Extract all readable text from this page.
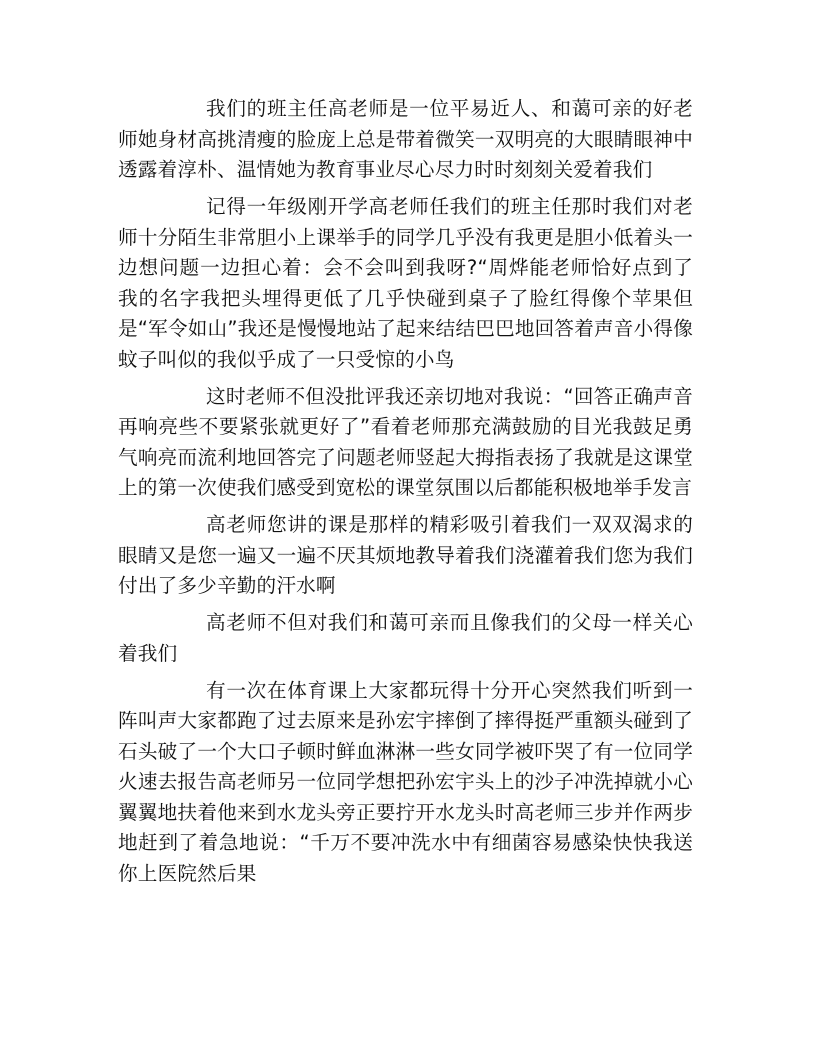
我们的班主任高老师是一位平易近人、和蔼可亲的好老师她身材高挑清瘦的脸庞上总是带着微笑一双明亮的大眼睛眼神中透露着淳朴、温情她为教育事业尽心尽力时时刻刻关爱着我们

记得一年级刚开学高老师任我们的班主任那时我们对老师十分陌生非常胆小上课举手的同学几乎没有我更是胆小低着头一边想问题一边担心着：会不会叫到我呀?“周烨能老师恰好点到了我的名字我把头埋得更低了几乎快碰到桌子了脸红得像个苹果但是“军令如山”我还是慢慢地站了起来结结巴巴地回答着声音小得像蚊子叫似的我似乎成了一只受惊的小鸟

这时老师不但没批评我还亲切地对我说：“回答正确声音再响亮些不要紧张就更好了”看着老师那充满鼓励的目光我鼓足勇气响亮而流利地回答完了问题老师竖起大拇指表扬了我就是这课堂上的第一次使我们感受到宽松的课堂氛围以后都能积极地举手发言

高老师您讲的课是那样的精彩吸引着我们一双双渴求的眼睛又是您一遍又一遍不厌其烦地教导着我们浇灌着我们您为我们付出了多少辛勤的汗水啊

高老师不但对我们和蔼可亲而且像我们的父母一样关心着我们

有一次在体育课上大家都玩得十分开心突然我们听到一阵叫声大家都跑了过去原来是孙宏宇摔倒了摔得挺严重额头碰到了石头破了一个大口子顿时鲜血淋淋一些女同学被吓哭了有一位同学火速去报告高老师另一位同学想把孙宏宇头上的沙子冲洗掉就小心翼翼地扶着他来到水龙头旁正要拧开水龙头时高老师三步并作两步地赶到了着急地说：“千万不要冲洗水中有细菌容易感染快快我送你上医院然后果
